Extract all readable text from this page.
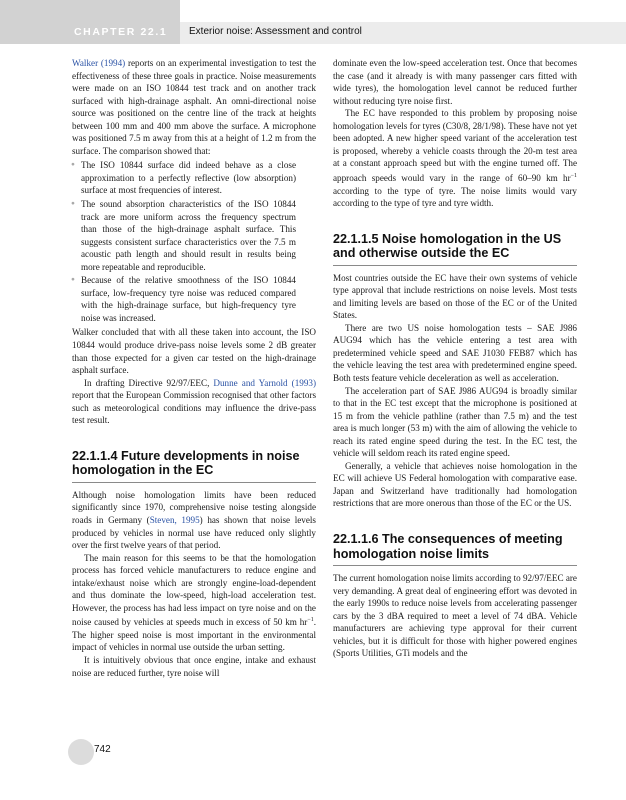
CHAPTER 22.1 Exterior noise: Assessment and control

Walker (1994) reports on an experimental investigation to test the effectiveness of these three goals in practice. Noise measurements were made on an ISO 10844 test track and on another track surfaced with high-drainage asphalt. An omni-directional noise source was positioned on the centre line of the track at heights between 100 mm and 400 mm above the surface. A microphone was positioned 7.5 m away from this at a height of 1.2 m from the surface. The comparison showed that:

● The ISO 10844 surface did indeed behave as a close approximation to a perfectly reflective (low absorption) surface at most frequencies of interest.
● The sound absorption characteristics of the ISO 10844 track are more uniform across the frequency spectrum than those of the high-drainage asphalt surface. This suggests consistent surface characteristics over the 7.5 m acoustic path length and should result in results being more repeatable and reproducible.
● Because of the relative smoothness of the ISO 10844 surface, low-frequency tyre noise was reduced compared with the high-drainage surface, but high-frequency tyre noise was increased.

Walker concluded that with all these taken into account, the ISO 10844 would produce drive-pass noise levels some 2 dB greater than those expected for a given car tested on the high-drainage asphalt surface.

In drafting Directive 92/97/EEC, Dunne and Yarnold (1993) report that the European Commission recognised that other factors such as meteorological conditions may influence the drive-pass test result.

22.1.1.4 Future developments in noise homologation in the EC

Although noise homologation limits have been reduced significantly since 1970, comprehensive noise testing alongside roads in Germany (Steven, 1995) has shown that noise levels produced by vehicles in normal use have reduced only slightly over the first twelve years of that period.

The main reason for this seems to be that the homologation process has forced vehicle manufacturers to reduce engine and intake/exhaust noise which are strongly engine-load-dependent and thus dominate the low-speed, high-load acceleration test. However, the process has had less impact on tyre noise and on the noise caused by vehicles at speeds much in excess of 50 km $hr^{-1}$. The higher speed noise is most important in the environmental impact of vehicles in normal use outside the urban setting.

It is intuitively obvious that once engine, intake and exhaust noise are reduced further, tyre noise will

dominate even the low-speed acceleration test. Once that becomes the case (and it already is with many passenger cars fitted with wide tyres), the homologation level cannot be reduced further without reducing tyre noise first.

The EC have responded to this problem by proposing noise homologation levels for tyres (C30/8, 28/1/98). These have not yet been adopted. A new higher speed variant of the acceleration test is proposed, whereby a vehicle coasts through the 20-m test area at a constant approach speed but with the engine turned off. The approach speeds would vary in the range of 60–90 km $hr^{-1}$ according to the type of tyre. The noise limits would vary according to the type of tyre and tyre width.

22.1.1.5 Noise homologation in the US and otherwise outside the EC

Most countries outside the EC have their own systems of vehicle type approval that include restrictions on noise levels. Most tests and limiting levels are based on those of the EC or of the United States.

There are two US noise homologation tests – SAE J986 AUG94 which has the vehicle entering a test area with predetermined vehicle speed and SAE J1030 FEB87 which has the vehicle leaving the test area with predetermined engine speed. Both tests feature vehicle deceleration as well as acceleration.

The acceleration part of SAE J986 AUG94 is broadly similar to that in the EC test except that the microphone is positioned at 15 m from the vehicle pathline (rather than 7.5 m) and the test area is much longer (53 m) with the aim of allowing the vehicle to reach its rated engine speed during the test. In the EC test, the vehicle will seldom reach its rated engine speed.

Generally, a vehicle that achieves noise homologation in the EC will achieve US Federal homologation with comparative ease. Japan and Switzerland have traditionally had homologation restrictions that are more onerous than those of the EC or the US.

22.1.1.6 The consequences of meeting homologation noise limits

The current homologation noise limits according to 92/97/EEC are very demanding. A great deal of engineering effort was devoted in the early 1990s to reduce noise levels from accelerating passenger cars by the 3 dBA required to meet a level of 74 dBA. Vehicle manufacturers are achieving type approval for their current vehicles, but it is difficult for those with higher powered engines (Sports Utilities, GTi models and the

742
